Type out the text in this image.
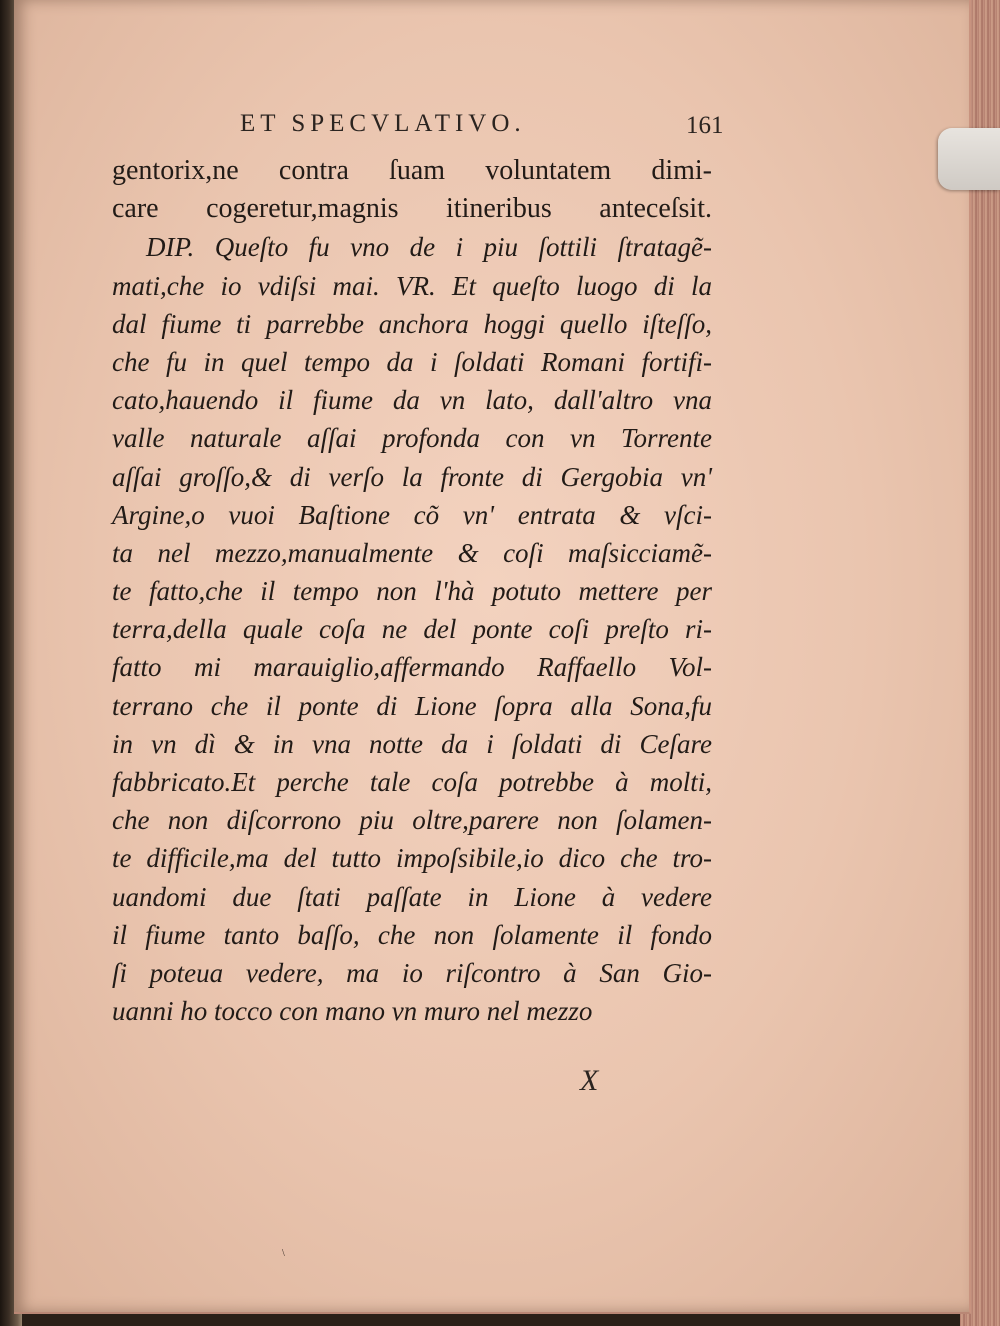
ET SPECVLATIVO.	161
gentorix,ne contra ſuam voluntatem dimi-
care cogeretur,magnis itineribus anteceſsit.
DIP. Queſto fu vno de i piu ſottili ſtratagẽ-
mati,che io vdiſsi mai. VR. Et queſto luogo di la
dal fiume ti parrebbe anchora hoggi quello iſteſſo,
che fu in quel tempo da i ſoldati Romani fortifi-
cato,hauendo il fiume da vn lato, dall'altro vna
valle naturale aſſai profonda con vn Torrente
aſſai groſſo,& di verſo la fronte di Gergobia vn'
Argine,o vuoi Baſtione cõ vn' entrata & vſci-
ta nel mezzo,manualmente & coſi maſsicciamẽ-
te fatto,che il tempo non l'hà potuto mettere per
terra,della quale coſa ne del ponte coſi preſto ri-
fatto mi marauiglio,affermando Raffaello Vol-
terrano che il ponte di Lione ſopra alla Sona,fu
in vn dì & in vna notte da i ſoldati di Ceſare
fabbricato.Et perche tale coſa potrebbe à molti,
che non diſcorrono piu oltre,parere non ſolamen-
te difficile,ma del tutto impoſsibile,io dico che tro-
uandomi due ſtati paſſate in Lione à vedere
il fiume tanto baſſo, che non ſolamente il fondo
ſi poteua vedere, ma io riſcontro à San Gio-
uanni ho tocco con mano vn muro nel mezzo
X
\
